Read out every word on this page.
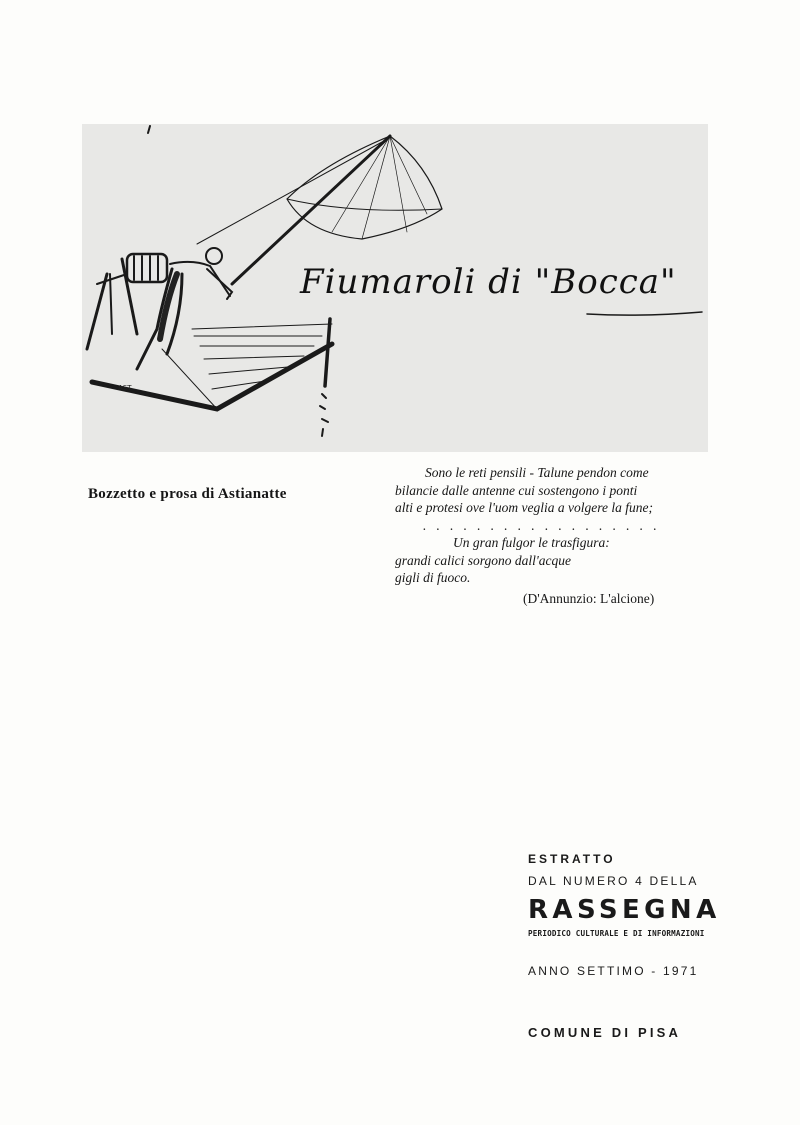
AST.
Fiumaroli di "Bocca"
Bozzetto e prosa di Astianatte
Sono le reti pensili - Talune pendon come
bilancie dalle antenne cui sostengono i ponti
alti e protesi ove l'uom veglia a volgere la fune;
. . . . . . . . . . . . . . . . . .
Un gran fulgor le trasfigura:
grandi calici sorgono dall'acque
gigli di fuoco.
(D'Annunzio: L'alcione)
ESTRATTO
DAL NUMERO 4 DELLA
RASSEGNA
PERIODICO CULTURALE E DI INFORMAZIONI
ANNO SETTIMO - 1971
COMUNE DI PISA
